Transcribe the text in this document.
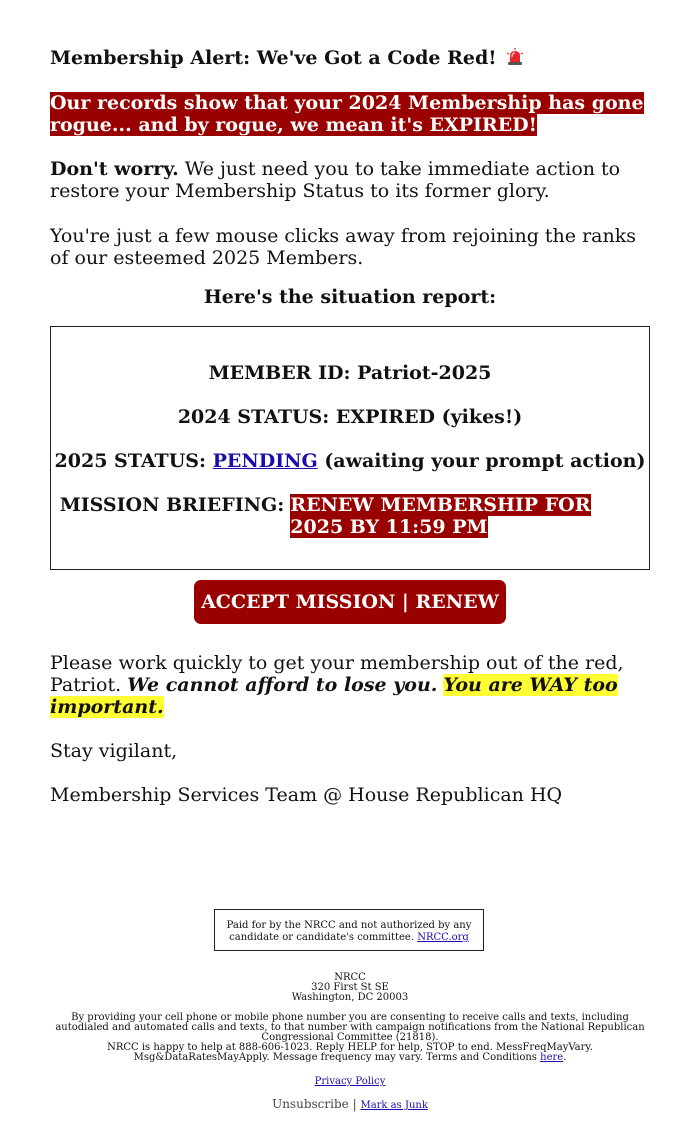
Membership Alert: We've Got a Code Red!
Our records show that your 2024 Membership has gone rogue... and by rogue, we mean it's EXPIRED!
Don't worry. We just need you to take immediate action to restore your Membership Status to its former glory.
You're just a few mouse clicks away from rejoining the ranks of our esteemed 2025 Members.
Here's the situation report:
MEMBER ID: Patriot-2025
2024 STATUS: EXPIRED (yikes!)
2025 STATUS: PENDING (awaiting your prompt action)
MISSION BRIEFING: RENEW MEMBERSHIP FOR 2025 BY 11:59 PM
ACCEPT MISSION | RENEW
Please work quickly to get your membership out of the red, Patriot. We cannot afford to lose you. You are WAY too important.
Stay vigilant,
Membership Services Team @ House Republican HQ
Paid for by the NRCC and not authorized by any candidate or candidate's committee. NRCC.org
NRCC
320 First St SE
Washington, DC 20003
By providing your cell phone or mobile phone number you are consenting to receive calls and texts, including autodialed and automated calls and texts, to that number with campaign notifications from the National Republican Congressional Committee (21818).
NRCC is happy to help at 888-606-1023. Reply HELP for help, STOP to end. MessFreqMayVary. Msg&DataRatesMayApply. Message frequency may vary. Terms and Conditions here.
Privacy Policy
Unsubscribe | Mark as Junk
